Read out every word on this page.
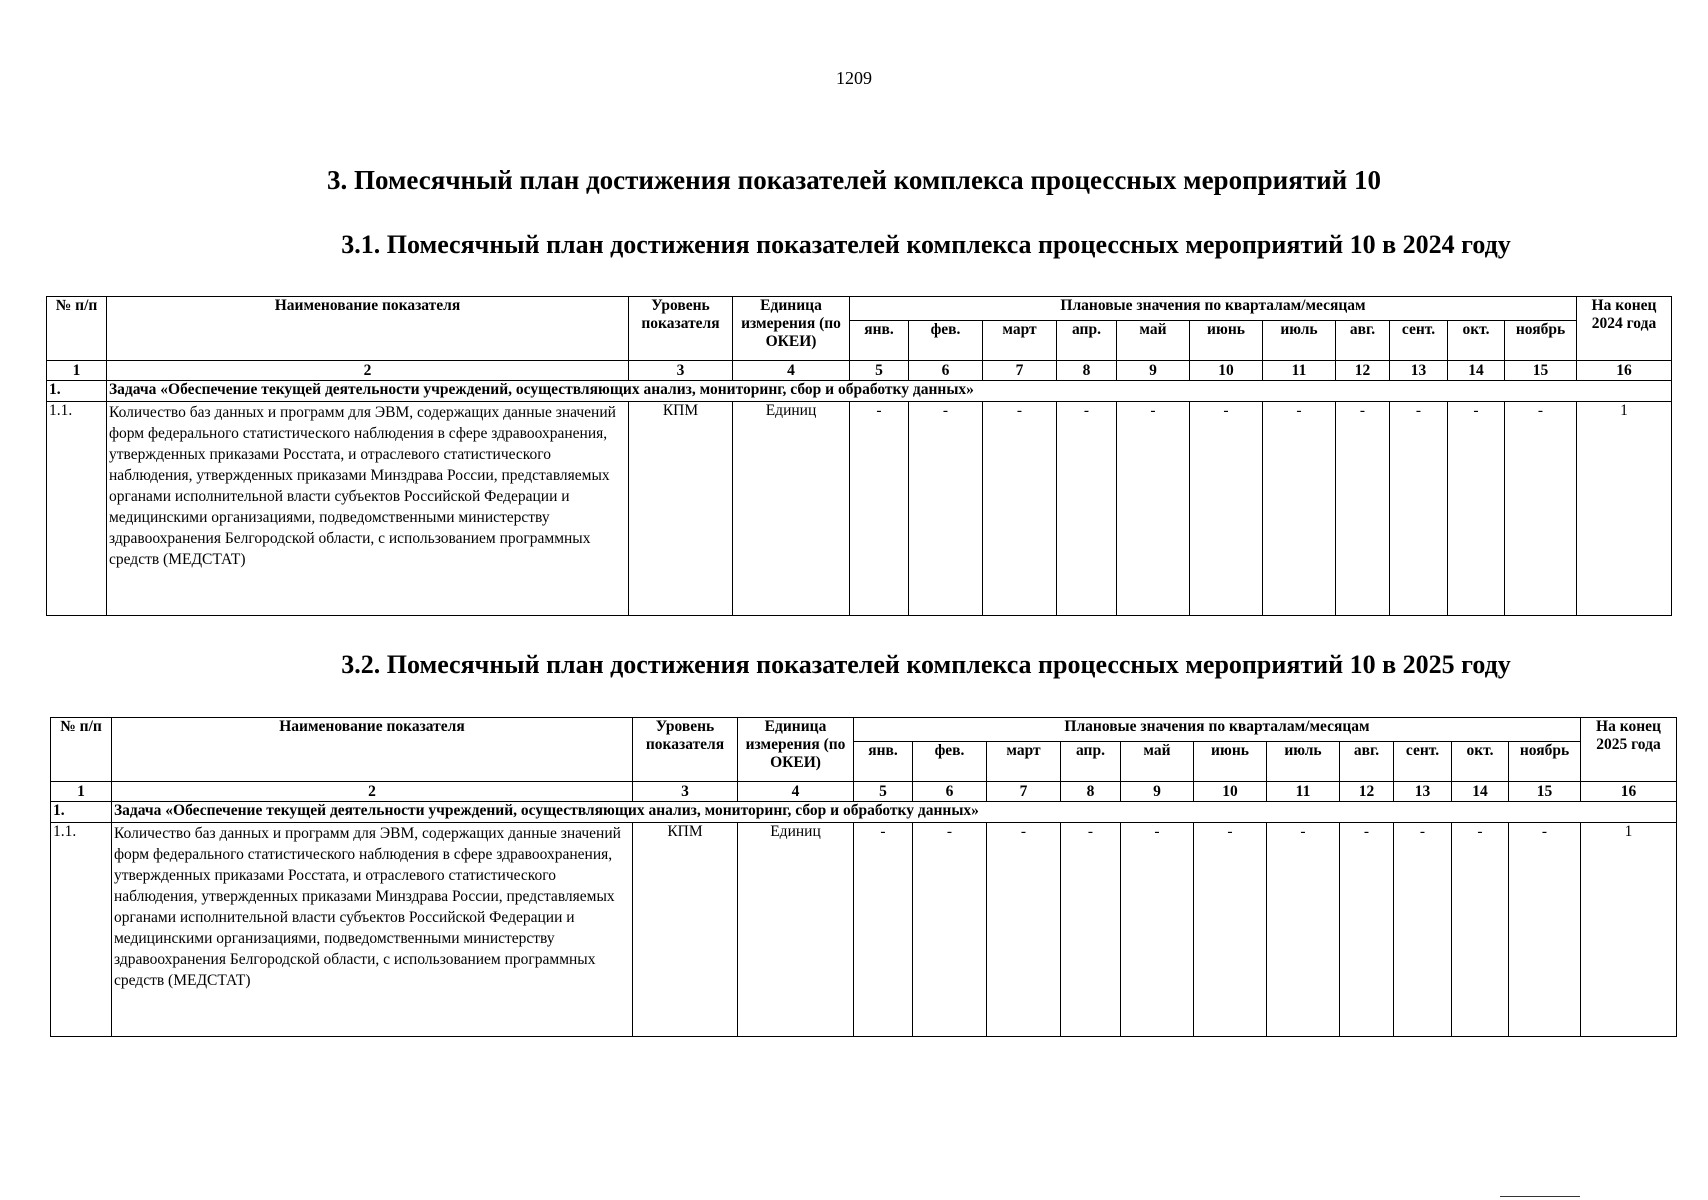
1209
3. Помесячный план достижения показателей комплекса процессных мероприятий 10
3.1. Помесячный план достижения показателей комплекса процессных мероприятий 10 в 2024 году
№ п/п	Наименование показателя	Уровень показателя	Единица измерения (по ОКЕИ)	Плановые значения по кварталам/месяцам											На конец 2024 года
				янв.	фев.	март	апр.	май	июнь	июль	авг.	сент.	окт.	ноябрь	
1	2	3	4	5	6	7	8	9	10	11	12	13	14	15	16
1.	Задача «Обеспечение текущей деятельности учреждений, осуществляющих анализ, мониторинг, сбор и обработку данных»														
1.1.	Количество баз данных и программ для ЭВМ, содержащих данные значений форм федерального статистического наблюдения в сфере здравоохранения, утвержденных приказами Росстата, и отраслевого статистического наблюдения, утвержденных приказами Минздрава России, представляемых органами исполнительной власти субъектов Российской Федерации и медицинскими организациями, подведомственными министерству здравоохранения Белгородской области, с использованием программных средств (МЕДСТАТ)	КПМ	Единиц	-	-	-	-	-	-	-	-	-	-	-	1
3.2. Помесячный план достижения показателей комплекса процессных мероприятий 10 в 2025 году
№ п/п	Наименование показателя	Уровень показателя	Единица измерения (по ОКЕИ)	Плановые значения по кварталам/месяцам											На конец 2025 года
				янв.	фев.	март	апр.	май	июнь	июль	авг.	сент.	окт.	ноябрь	
1	2	3	4	5	6	7	8	9	10	11	12	13	14	15	16
1.	Задача «Обеспечение текущей деятельности учреждений, осуществляющих анализ, мониторинг, сбор и обработку данных»														
1.1.	Количество баз данных и программ для ЭВМ, содержащих данные значений форм федерального статистического наблюдения в сфере здравоохранения, утвержденных приказами Росстата, и отраслевого статистического наблюдения, утвержденных приказами Минздрава России, представляемых органами исполнительной власти субъектов Российской Федерации и медицинскими организациями, подведомственными министерству здравоохранения Белгородской области, с использованием программных средств (МЕДСТАТ)	КПМ	Единиц	-	-	-	-	-	-	-	-	-	-	-	1
